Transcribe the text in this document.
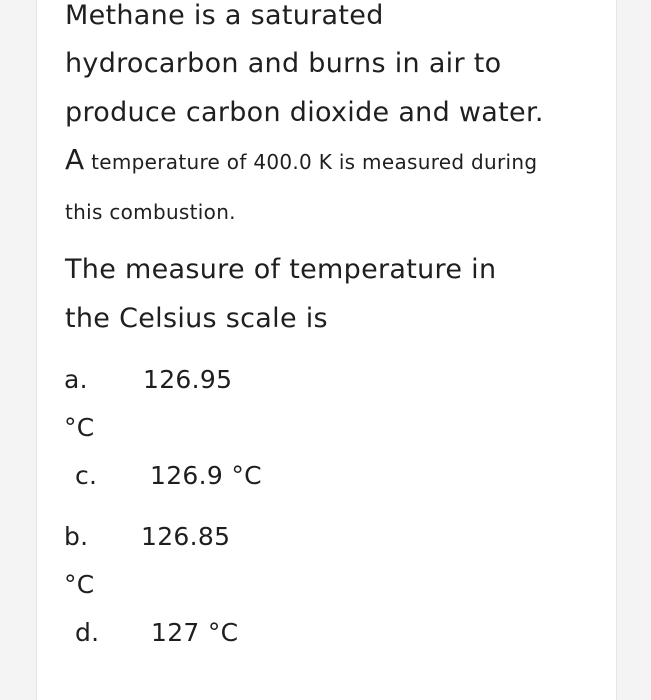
Methane is a saturated
hydrocarbon and burns in air to
produce carbon dioxide and water.
A temperature of 400.0 K is measured during
this combustion.
The measure of temperature in
the Celsius scale is
a. 126.95
°C
c. 126.9 °C
b. 126.85
°C
d. 127 °C
